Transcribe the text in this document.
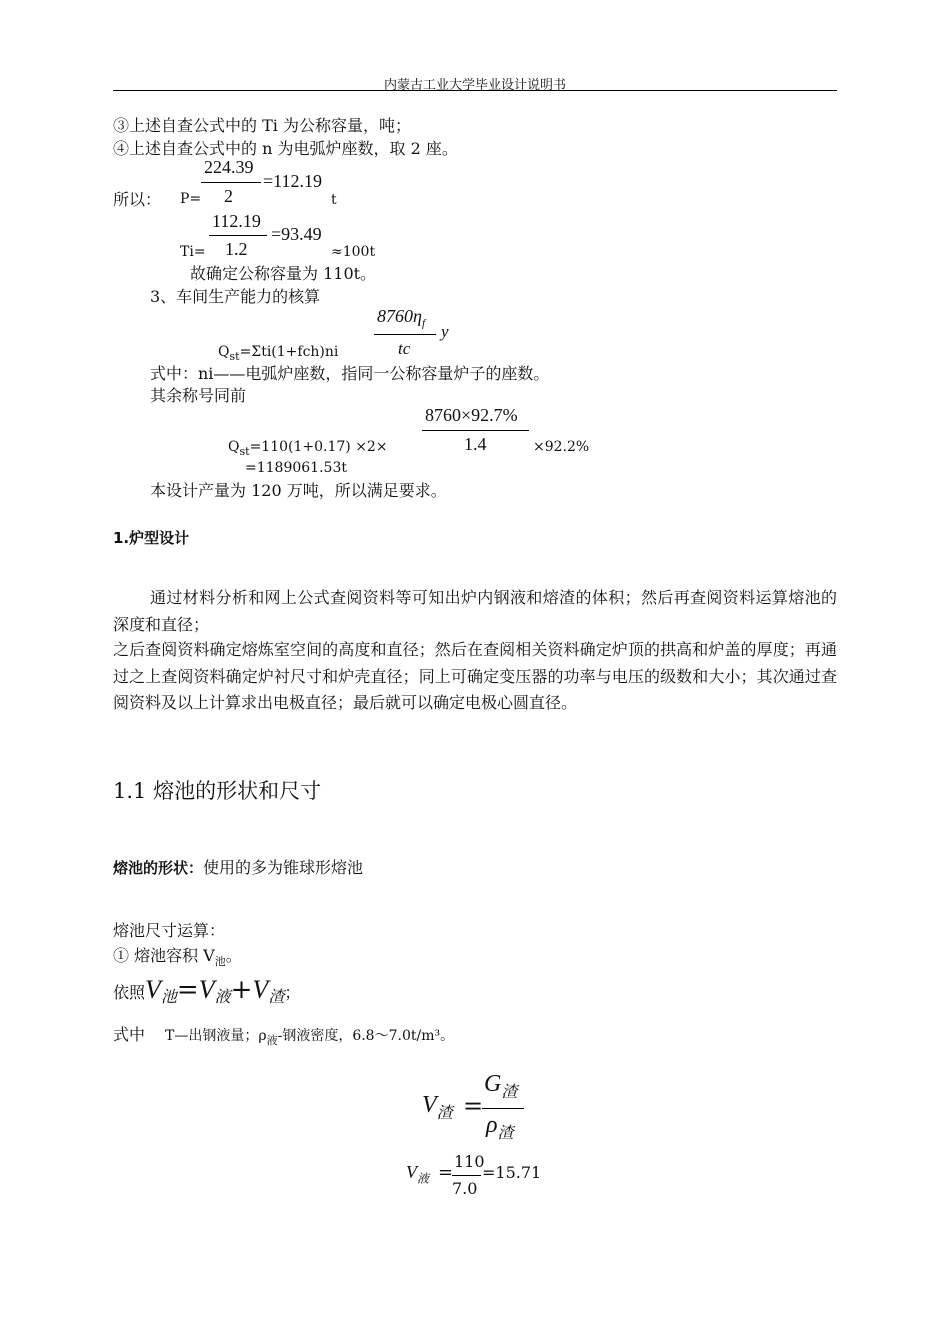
内蒙古工业大学毕业设计说明书
③上述自查公式中的 Ti 为公称容量，吨；
④上述自查公式中的 n 为电弧炉座数，取 2 座。
所以： P=
224.39
2
=112.19
t
112.19
1.2
=93.49
Ti=	≈100t
故确定公称容量为 110t。
3、车间生产能力的核算
$8760\eta_f$
tc
y
$Q_{st}=\Sigma ti(1+fch)ni$
式中：ni——电弧炉座数，指同一公称容量炉子的座数。
其余称号同前
8760×92.7%
1.4
$Q_{st}=110(1+0.17) \times 2\times$	×92.2%
=1189061.53t
本设计产量为 120 万吨，所以满足要求。
1.炉型设计
通过材料分析和网上公式查阅资料等可知出炉内钢液和熔渣的体积；然后再查阅资料运算熔池的深度和直径；
之后查阅资料确定熔炼室空间的高度和直径；然后在查阅相关资料确定炉顶的拱高和炉盖的厚度；再通过之上查阅资料确定炉衬尺寸和炉壳直径；同上可确定变压器的功率与电压的级数和大小；其次通过查阅资料及以上计算求出电极直径；最后就可以确定电极心圆直径。
1.1 熔池的形状和尺寸
熔池的形状：使用的多为锥球形熔池
熔池尺寸运算：
① 熔池容积 $V_池$。
依照$V_池=V_液+V_渣$；
式中 T—出钢液量；$\rho_液-$钢液密度，6.8～7.0t/m³。
$V_渣$ =
$G_渣$
$\rho_渣$
$V_液$ =
110
7.0
=15.71
